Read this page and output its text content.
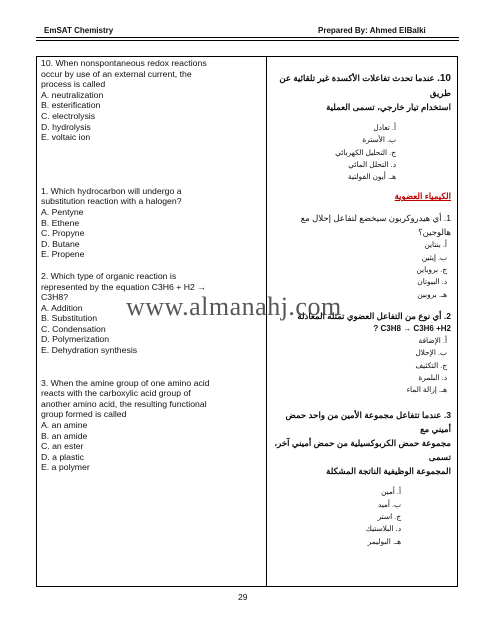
EmSAT Chemistry	Prepared By: Ahmed ElBalki
10. When nonspontaneous redox reactions
occur by use of an external current, the
process is called
A. neutralization
B. esterification
C. electrolysis
D. hydrolysis
E. voltaic ion
1. Which hydrocarbon will undergo a
substitution reaction with a halogen?
A. Pentyne
B. Ethene
C. Propyne
D. Butane
E. Propene
2. Which type of organic reaction is
represented by the equation C3H6 + H2 →
C3H8?
A. Addition
B. Substitution
C. Condensation
D. Polymerization
E. Dehydration synthesis
3. When the amine group of one amino acid
reacts with the carboxylic acid group of
another amino acid, the resulting functional
group formed is called
A. an amine
B. an amide
C. an ester
D. a plastic
E. a polymer
10. عندما تحدث تفاعلات الأكسدة غير تلقائية عن طريق
استخدام تيار خارجي، تسمى العملية
أ. تعادل
ب. الأسترة
ج. التحليل الكهربائي
د. التحلل المائي
هـ. أيون الفولتية
الكيمياء العضوية
1. أي هيدروكربون سيخضع لتفاعل إحلال مع هالوجين؟
أ. بنتاين
ب. إيثين
ج. بروباين
د. البيوتان
هـ. بروبين
2. أي نوع من التفاعل العضوي تمثله المعادلة
? C3H8 → C3H6 +H2
أ. الإضافة
ب. الإحلال
ج. التكثيف
د. البلمرة
هـ. إزالة الماء
3. عندما تتفاعل مجموعة الأمين من واحد حمض أميني مع
مجموعة حمض الكربوكسيلية من حمض أميني آخر، تسمى
المجموعة الوظيفية الناتجة المشكلة
أ. أمين
ب. أميد
ج. استر
د. البلاستيك
هـ. البوليمر
www.almanahj.com
29
